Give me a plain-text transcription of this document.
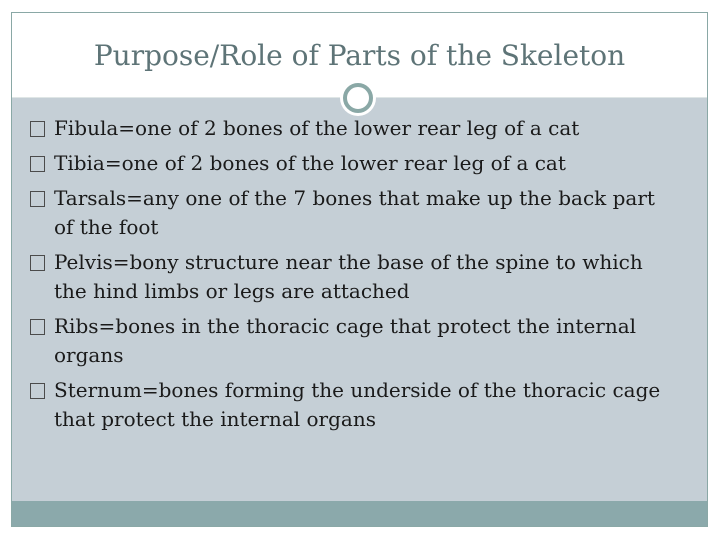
Purpose/Role of Parts of the Skeleton
Fibula=one of 2 bones of the lower rear leg of a cat
Tibia=one of 2 bones of the lower rear leg of a cat
Tarsals=any one of the 7 bones that make up the back part of the foot
Pelvis=bony structure near the base of the spine to which the hind limbs or legs are attached
Ribs=bones in the thoracic cage that protect the internal organs
Sternum=bones forming the underside of the thoracic cage that protect the internal organs
